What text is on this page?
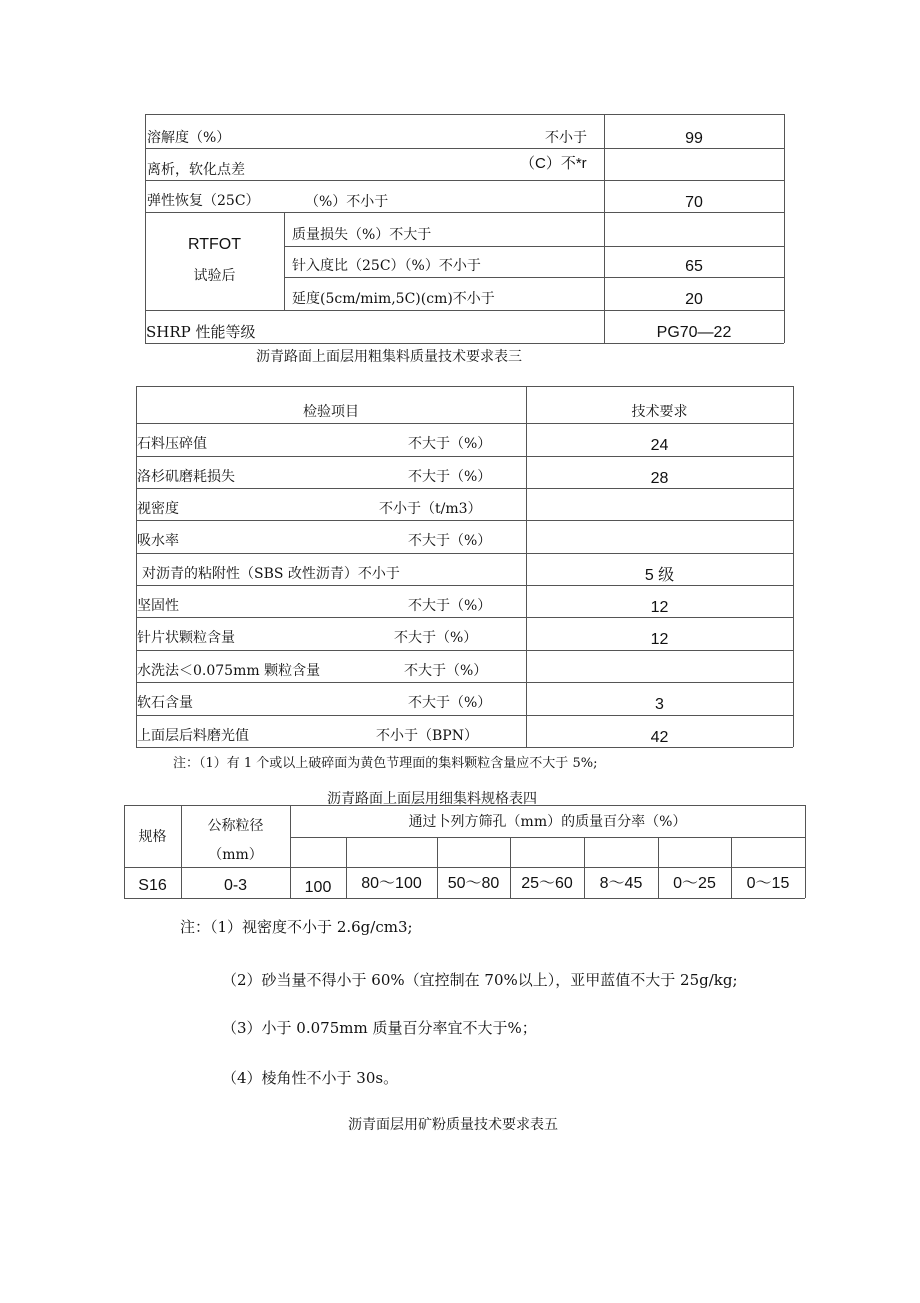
溶解度（%）	不小于	99
离析，软化点差	（C）不*r
弹性恢复（25C）	（%）不小于	70
RTFOT
试验后
质量损失（%）不大于
针入度比（25C）（%）不小于	65
延度(5cm/mim,5C)(cm)不小于	20
SHRP 性能等级	PG70—22
沥青路面上面层用粗集料质量技术要求表三
检验项目	技术要求
石料压碎值	不大于（%）	24
洛杉矶磨耗损失	不大于（%）	28
视密度	不小于（t/m3）
吸水率	不大于（%）
对沥青的粘附性（SBS 改性沥青）不小于	5 级
坚固性	不大于（%）	12
针片状颗粒含量	不大于（%）	12
水洗法＜0.075mm 颗粒含量	不大于（%）
软石含量	不大于（%）	3
上面层后料磨光值	不小于（BPN）	42
注：（1）有 1 个或以上破碎面为黄色节理面的集料颗粒含量应不大于 5%;
沥青路面上面层用细集料规格表四
规格
公称粒径
（mm）
通过卜列方筛孔（mm）的质量百分率（%）
S16	0-3	100	80〜100	50〜80	25〜60	8〜45	0〜25	0〜15
注：（1）视密度不小于 2.6g/cm3;
（2）砂当量不得小于 60%（宜控制在 70%以上），亚甲蓝值不大于 25g/kg;
（3）小于 0.075mm 质量百分率宜不大于%；
（4）棱角性不小于 30s。
沥青面层用矿粉质量技术要求表五
